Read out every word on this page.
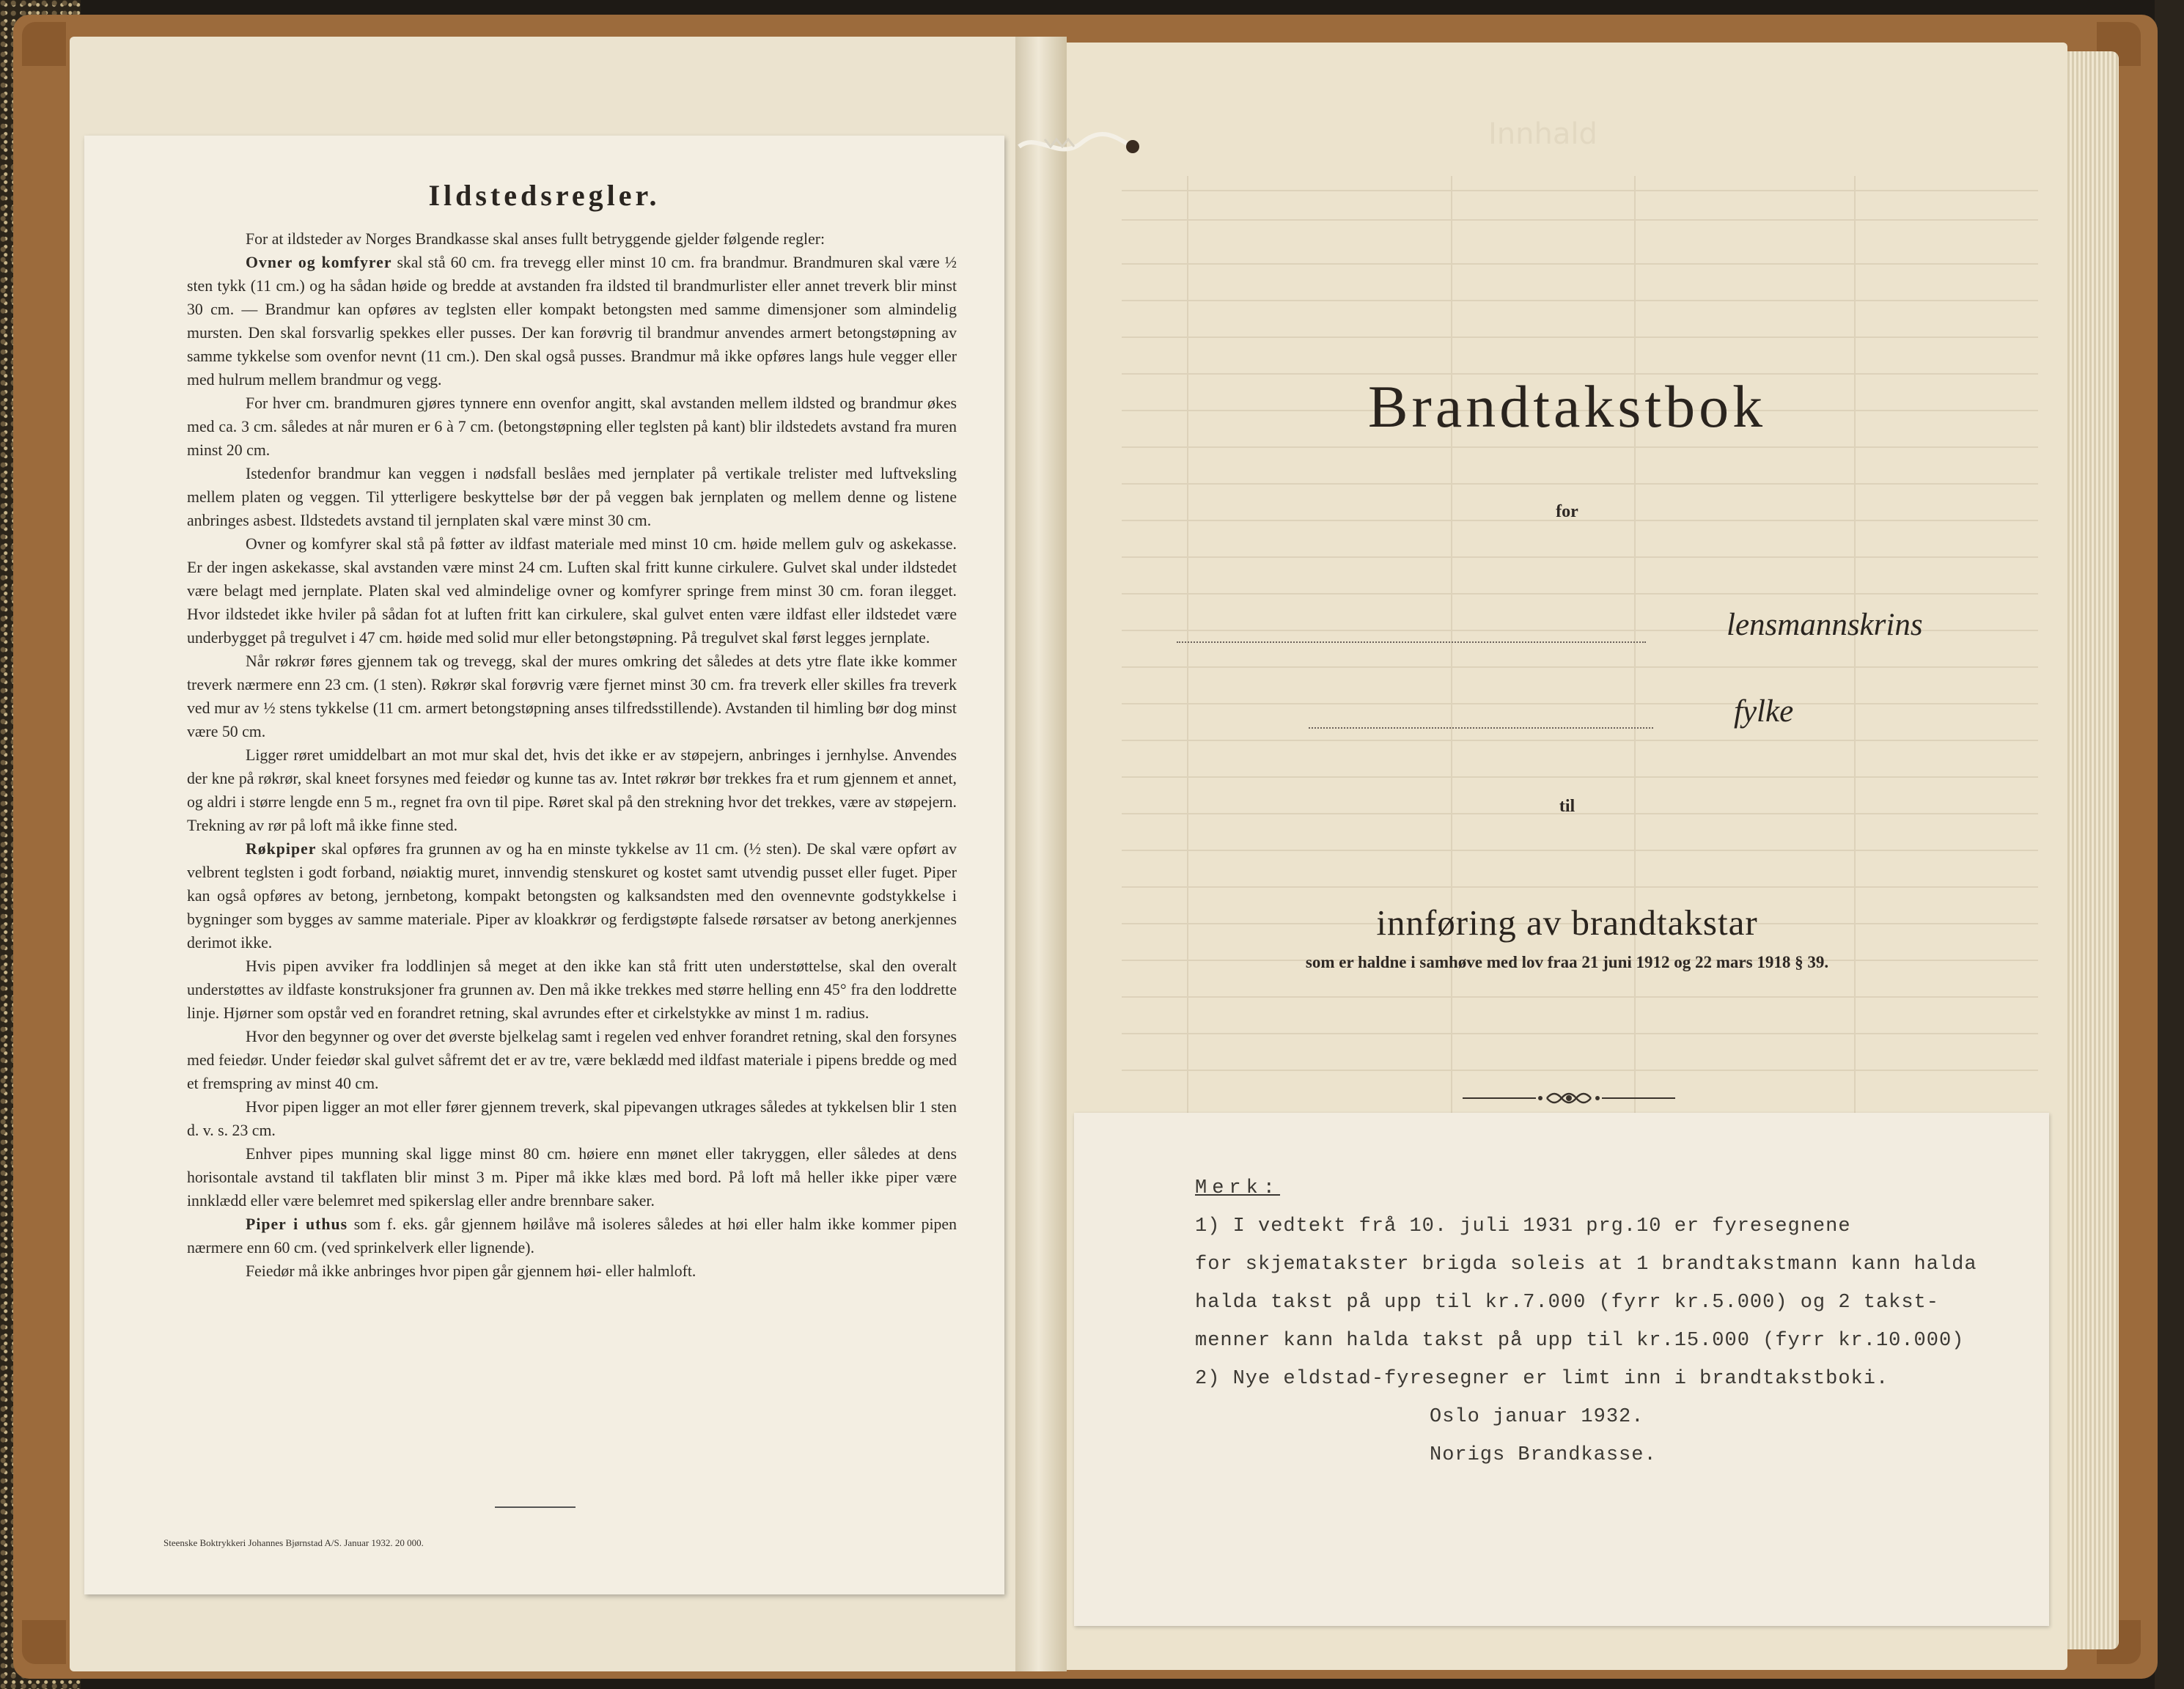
Ildstedsregler.

For at ildsteder av Norges Brandkasse skal anses fullt betryggende gjelder følgende regler:

Ovner og komfyrer skal stå 60 cm. fra trevegg eller minst 10 cm. fra brandmur. Brandmuren skal være ½ sten tykk (11 cm.) og ha sådan høide og bredde at avstanden fra ildsted til brandmurlister eller annet treverk blir minst 30 cm. — Brandmur kan opføres av teglsten eller kompakt betongsten med samme dimensjoner som almindelig mursten. Den skal forsvarlig spekkes eller pusses. Der kan forøvrig til brandmur anvendes armert betongstøpning av samme tykkelse som ovenfor nevnt (11 cm.). Den skal også pusses. Brandmur må ikke opføres langs hule vegger eller med hulrum mellem brandmur og vegg.

For hver cm. brandmuren gjøres tynnere enn ovenfor angitt, skal avstanden mellem ildsted og brandmur økes med ca. 3 cm. således at når muren er 6 à 7 cm. (betongstøpning eller teglsten på kant) blir ildstedets avstand fra muren minst 20 cm.

Istedenfor brandmur kan veggen i nødsfall beslåes med jernplater på vertikale trelister med luftveksling mellem platen og veggen. Til ytterligere beskyttelse bør der på veggen bak jernplaten og mellem denne og listene anbringes asbest. Ildstedets avstand til jernplaten skal være minst 30 cm.

Ovner og komfyrer skal stå på føtter av ildfast materiale med minst 10 cm. høide mellem gulv og askekasse. Er der ingen askekasse, skal avstanden være minst 24 cm. Luften skal fritt kunne cirkulere. Gulvet skal under ildstedet være belagt med jernplate. Platen skal ved almindelige ovner og komfyrer springe frem minst 30 cm. foran ilegget. Hvor ildstedet ikke hviler på sådan fot at luften fritt kan cirkulere, skal gulvet enten være ildfast eller ildstedet være underbygget på tregulvet i 47 cm. høide med solid mur eller betongstøpning. På tregulvet skal først legges jernplate.

Når røkrør føres gjennem tak og trevegg, skal der mures omkring det således at dets ytre flate ikke kommer treverk nærmere enn 23 cm. (1 sten). Røkrør skal forøvrig være fjernet minst 30 cm. fra treverk eller skilles fra treverk ved mur av ½ stens tykkelse (11 cm. armert betongstøpning anses tilfredsstillende). Avstanden til himling bør dog minst være 50 cm.

Ligger røret umiddelbart an mot mur skal det, hvis det ikke er av støpejern, anbringes i jernhylse. Anvendes der kne på røkrør, skal kneet forsynes med feiedør og kunne tas av. Intet røkrør bør trekkes fra et rum gjennem et annet, og aldri i større lengde enn 5 m., regnet fra ovn til pipe. Røret skal på den strekning hvor det trekkes, være av støpejern. Trekning av rør på loft må ikke finne sted.

Røkpiper skal opføres fra grunnen av og ha en minste tykkelse av 11 cm. (½ sten). De skal være opført av velbrent teglsten i godt forband, nøiaktig muret, innvendig stenskuret og kostet samt utvendig pusset eller fuget. Piper kan også opføres av betong, jernbetong, kompakt betongsten og kalksandsten med den ovennevnte godstykkelse i bygninger som bygges av samme materiale. Piper av kloakkrør og ferdigstøpte falsede rørsatser av betong anerkjennes derimot ikke.

Hvis pipen avviker fra loddlinjen så meget at den ikke kan stå fritt uten understøttelse, skal den overalt understøttes av ildfaste konstruksjoner fra grunnen av. Den må ikke trekkes med større helling enn 45° fra den loddrette linje. Hjørner som opstår ved en forandret retning, skal avrundes efter et cirkelstykke av minst 1 m. radius.

Hvor den begynner og over det øverste bjelkelag samt i regelen ved enhver forandret retning, skal den forsynes med feiedør. Under feiedør skal gulvet såfremt det er av tre, være beklædd med ildfast materiale i pipens bredde og med et fremspring av minst 40 cm.

Hvor pipen ligger an mot eller fører gjennem treverk, skal pipevangen utkrages således at tykkelsen blir 1 sten d. v. s. 23 cm.

Enhver pipes munning skal ligge minst 80 cm. høiere enn mønet eller takryggen, eller således at dens horisontale avstand til takflaten blir minst 3 m. Piper må ikke klæs med bord. På loft må heller ikke piper være innklædd eller være belemret med spikerslag eller andre brennbare saker.

Piper i uthus som f. eks. går gjennem høilåve må isoleres således at høi eller halm ikke kommer pipen nærmere enn 60 cm. (ved sprinkelverk eller lignende).

Feiedør må ikke anbringes hvor pipen går gjennem høi- eller halmloft.

Steenske Boktrykkeri Johannes Bjørnstad A/S. Januar 1932. 20 000.
Innhald
Brandtakstbok
for
lensmannskrins
fylke
til
innføring av brandtakstar
som er haldne i samhøve med lov fraa 21 juni 1912 og 22 mars 1918 § 39.
Merk:
1) I vedtekt frå 10. juli 1931 prg.10 er fyresegnene
for skjematakster brigda soleis at 1 brandtakstmann kann halda
halda takst på upp til kr.7.000 (fyrr kr.5.000) og 2 takst-
menner kann halda takst på upp til kr.15.000 (fyrr kr.10.000)
2) Nye eldstad-fyresegner er limt inn i brandtakstboki.
Oslo januar 1932.
Norigs Brandkasse.
